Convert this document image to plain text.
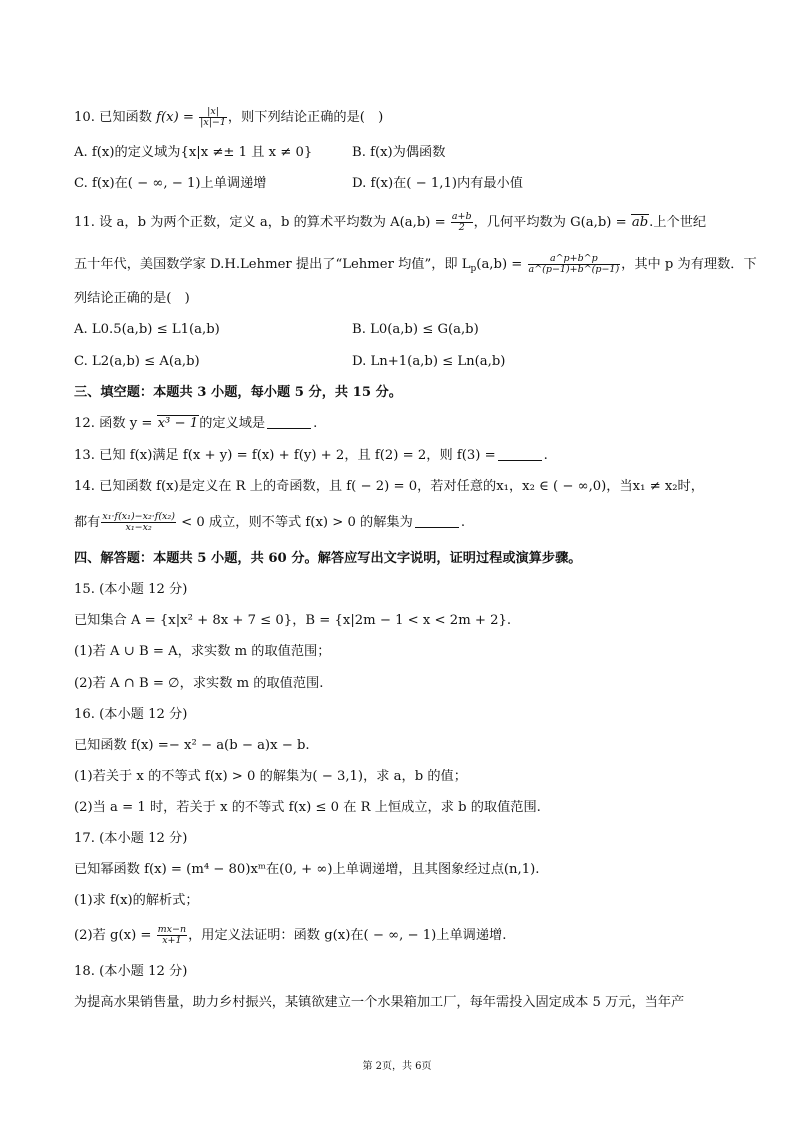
10. 已知函数 $f(x) = \frac{|x|}{|x|-1}$ ，则下列结论正确的是(　)
A. f(x)的定义域为{x|x ≠± 1 且 x ≠ 0}	B. f(x)为偶函数
C. f(x)在( − ∞, − 1)上单调递增	D. f(x)在( − 1,1)内有最小值
11. 设 a，b 为两个正数，定义 a，b 的算术平均数为 $A(a,b) = \frac{a+b}{2}$ ，几何平均数为 G(a,b) = ab.上个世纪
五十年代，美国数学家 D.H.Lehmer 提出了“Lehmer 均值”，即 $L_p(a,b) = \frac{a\^{}p+b\^{}p}{a\^{}(p-1)+b\^{}(p-1)}$ ，其中 p 为有理数．下
列结论正确的是(　)
A. L0.5(a,b) ≤ L1(a,b)	B. L0(a,b) ≤ G(a,b)
C. L2(a,b) ≤ A(a,b)	D. Ln+1(a,b) ≤ Ln(a,b)
三、填空题：本题共 3 小题，每小题 5 分，共 15 分。
12. 函数 y = x³ − 1的定义域是	.
13. 已知 f(x)满足 f(x + y) = f(x) + f(y) + 2，且 f(2) = 2，则 f(3) =	.
14. 已知函数 f(x)是定义在 R 上的奇函数，且 f( − 2) = 0，若对任意的x₁，x₂ ∈ ( − ∞,0)，当x₁ ≠ x₂时，
都有 $\frac{\text{x₁·f(x₁)−x₂·f(x₂)}}{\text{x₁−x₂}} < 0$ 成立，则不等式 f(x) > 0 的解集为	.
四、解答题：本题共 5 小题，共 60 分。解答应写出文字说明，证明过程或演算步骤。
15. (本小题 12 分)
已知集合 A = {x|x² + 8x + 7 ≤ 0}，B = {x|2m − 1 < x < 2m + 2}.
(1)若 A ∪ B = A，求实数 m 的取值范围；
(2)若 A ∩ B = ∅，求实数 m 的取值范围.
16. (本小题 12 分)
已知函数 f(x) =− x² − a(b − a)x − b.
(1)若关于 x 的不等式 f(x) > 0 的解集为( − 3,1)，求 a，b 的值；
(2)当 a = 1 时，若关于 x 的不等式 f(x) ≤ 0 在 R 上恒成立，求 b 的取值范围.
17. (本小题 12 分)
已知幂函数 f(x) = (m⁴ − 80)xᵐ在(0, + ∞)上单调递增，且其图象经过点(n,1).
(1)求 f(x)的解析式；
(2)若 $g(x) = \frac{mx-n}{x+1}$ ，用定义法证明：函数 g(x)在( − ∞, − 1)上单调递增.
18. (本小题 12 分)
为提高水果销售量，助力乡村振兴，某镇欲建立一个水果箱加工厂，每年需投入固定成本 5 万元，当年产
第 2页，共 6页
